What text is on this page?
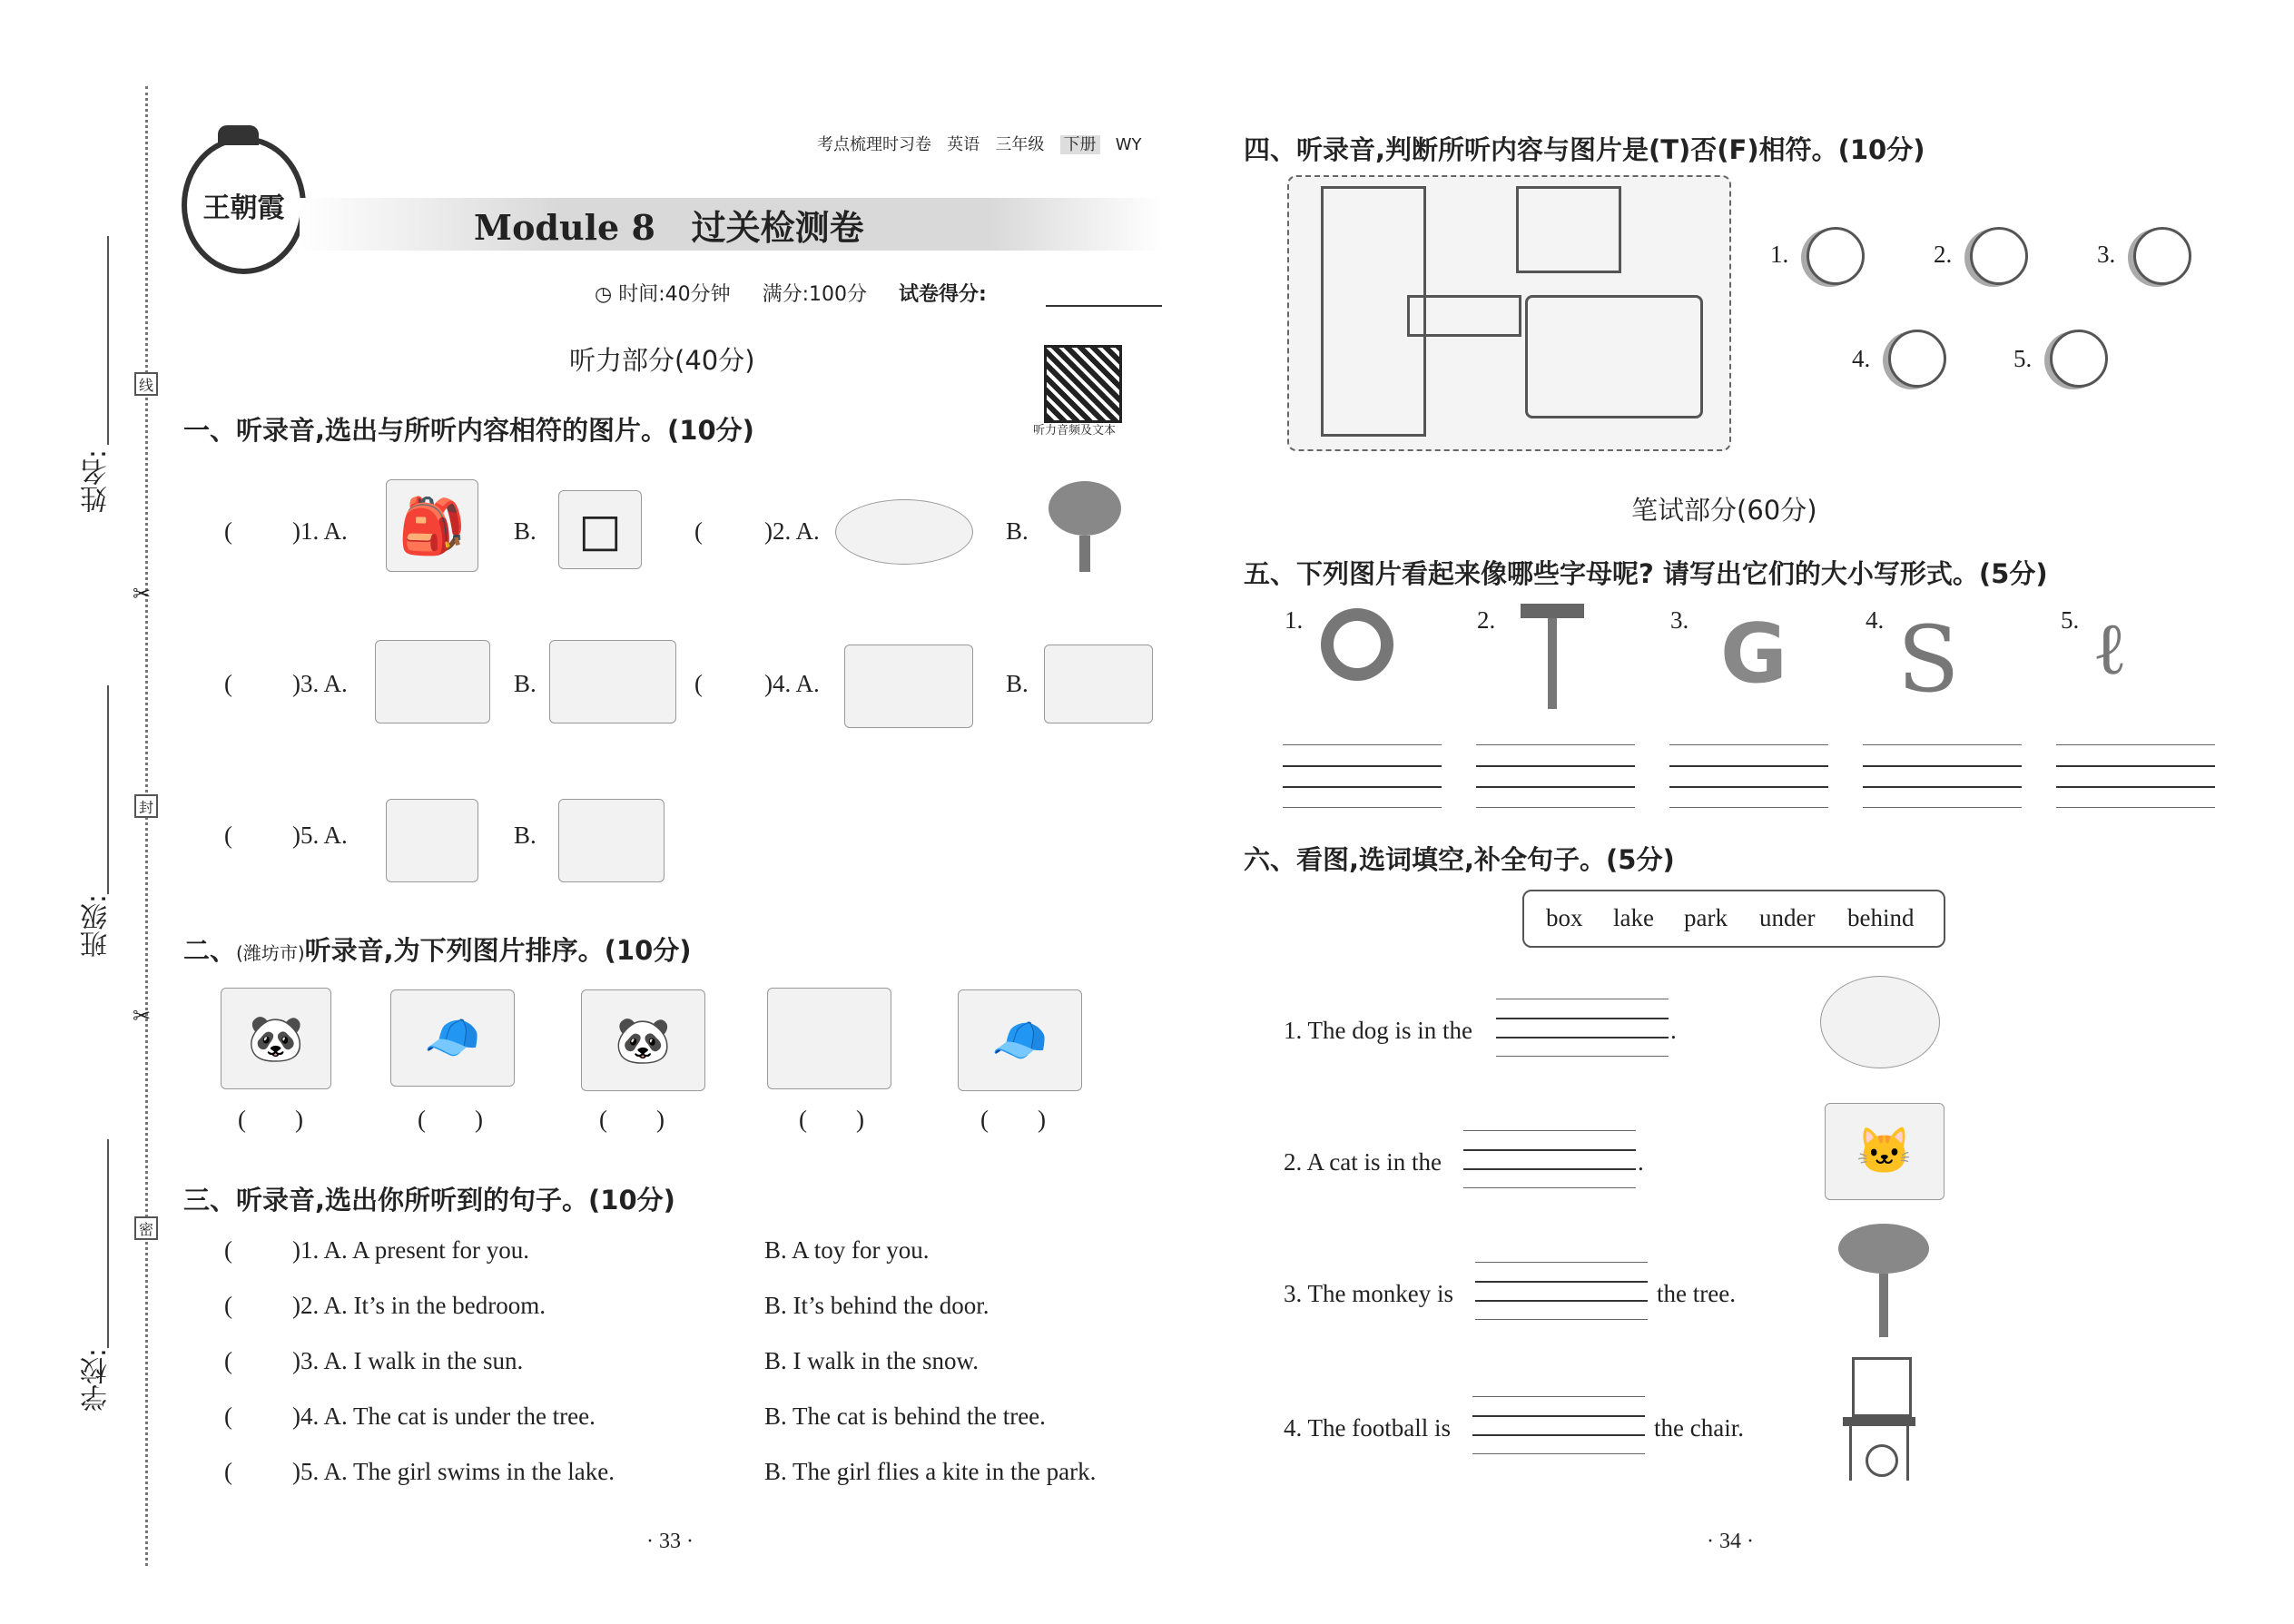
姓名:
班级:
学校:
线
封
密
✂
✂
王朝霞
考点梳理时习卷 英语 三年级 下册 WY
Module 8   过关检测卷
◷ 时间:40分钟 满分:100分 试卷得分:
听力部分(40分)
听力音频及文本
一、听录音,选出与所听内容相符的图片。(10分)
( )1. A. 🎒 B. □	(	)2. A.	B.
( )3. A.	B.	(	)4. A.	B.
( )5. A.	B.
二、(潍坊市)听录音,为下列图片排序。(10分)
🐼	🧢	🐼	🧢
(        )	(        )	(        )	(        )	(        )
三、听录音,选出你所听到的句子。(10分)
( )1. A. A present for you.	B. A toy for you.
( )2. A. It’s in the bedroom.	B. It’s behind the door.
( )3. A. I walk in the sun.	B. I walk in the snow.
( )4. A. The cat is under the tree.	B. The cat is behind the tree.
( )5. A. The girl swims in the lake.	B. The girl flies a kite in the park.
· 33 ·
四、听录音,判断所听内容与图片是(T)否(F)相符。(10分)
1.	2.	3.
4.	5.
笔试部分(60分)
五、下列图片看起来像哪些字母呢? 请写出它们的大小写形式。(5分)
1.	2.	3. G	4. S	5. ℓ
六、看图,选词填空,补全句子。(5分)
box lake park under behind
1. The dog is in the	.
2. A cat is in the	.	🐱
3. The monkey is	the tree.
4. The football is	the chair.
· 34 ·
